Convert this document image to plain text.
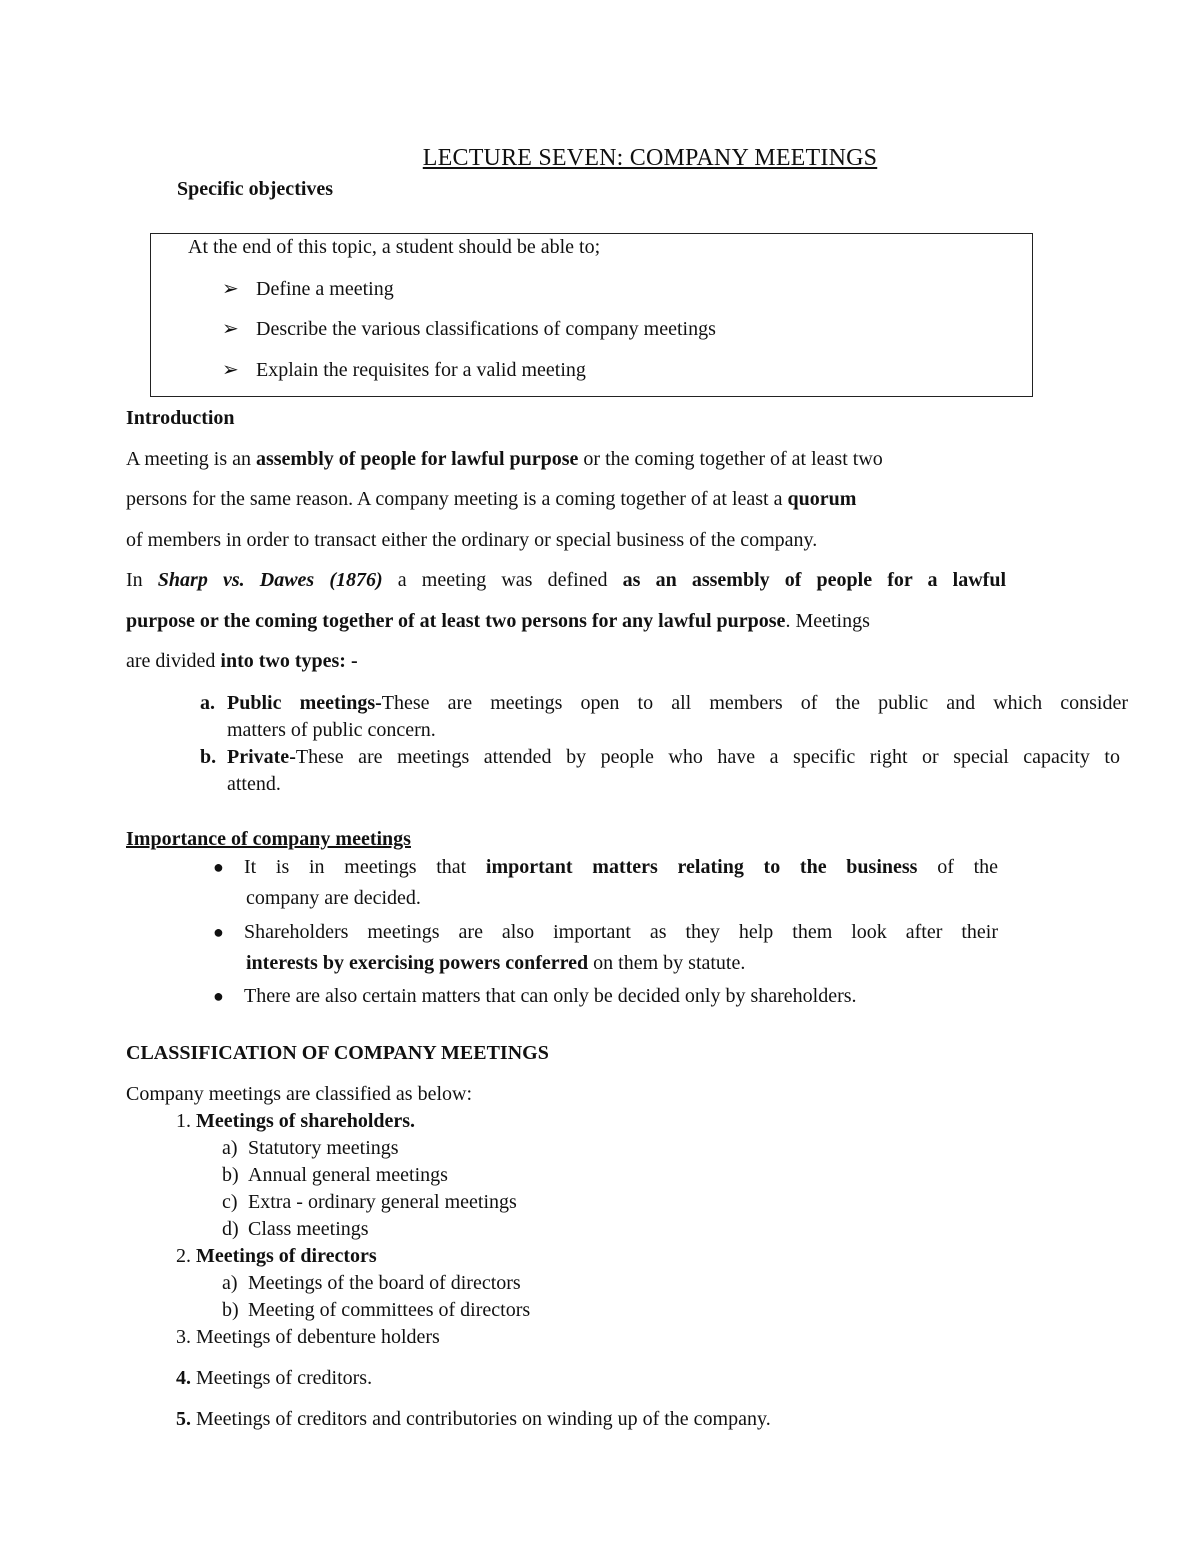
LECTURE SEVEN: COMPANY MEETINGS
Specific objectives
At the end of this topic, a student should be able to;
➢ Define a meeting
➢ Describe the various classifications of company meetings
➢ Explain the requisites for a valid meeting
Introduction
A meeting is an assembly of people for lawful purpose or the coming together of at least two
persons for the same reason. A company meeting is a coming together of at least a quorum
of members in order to transact either the ordinary or special business of the company.
In Sharp vs. Dawes (1876) a meeting was defined as an assembly of people for a lawful
purpose or the coming together of at least two persons for any lawful purpose. Meetings
are divided into two types: -
a. Public meetings-These are meetings open to all members of the public and which consider
matters of public concern.
b. Private-These are meetings attended by people who have a specific right or special capacity to
attend.
Importance of company meetings
● It is in meetings that important matters relating to the business of the
company are decided.
● Shareholders meetings are also important as they help them look after their
interests by exercising powers conferred on them by statute.
● There are also certain matters that can only be decided only by shareholders.
CLASSIFICATION OF COMPANY MEETINGS
Company meetings are classified as below:
1. Meetings of shareholders.
a) Statutory meetings
b) Annual general meetings
c) Extra - ordinary general meetings
d) Class meetings
2. Meetings of directors
a) Meetings of the board of directors
b) Meeting of committees of directors
3. Meetings of debenture holders
4. Meetings of creditors.
5. Meetings of creditors and contributories on winding up of the company.
